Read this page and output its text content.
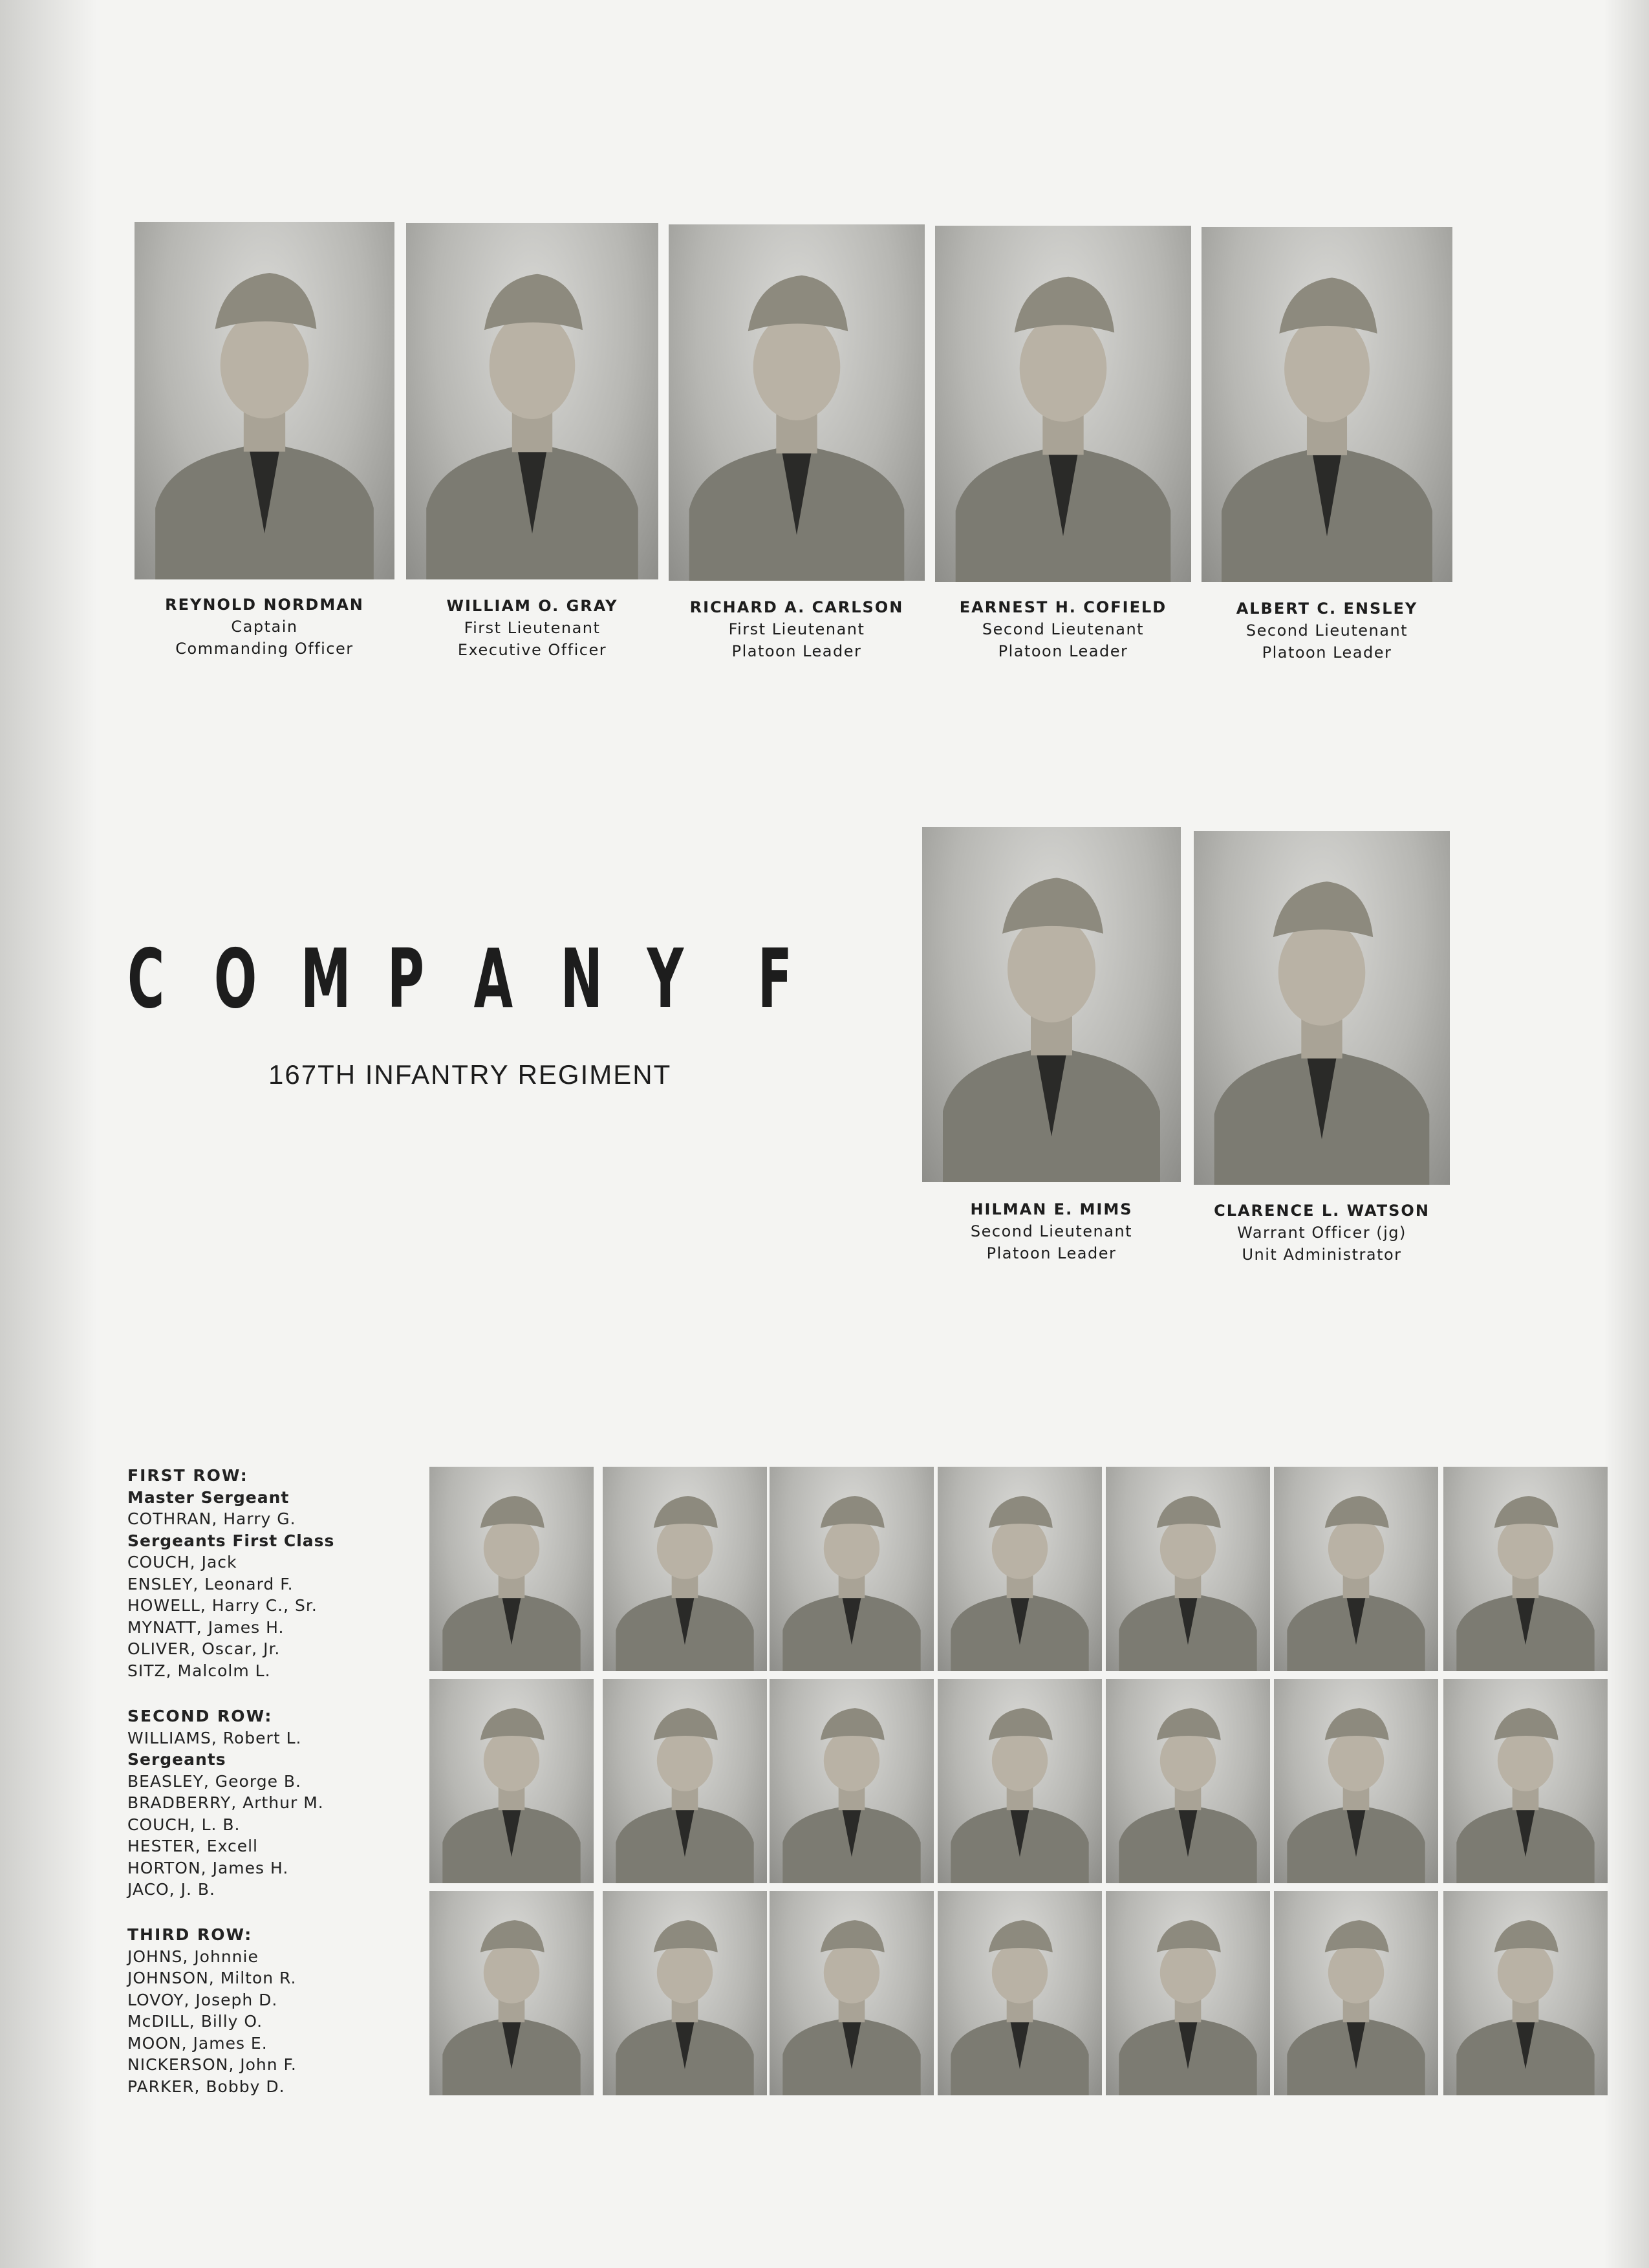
REYNOLD NORDMAN
Captain
Commanding Officer
WILLIAM O. GRAY
First Lieutenant
Executive Officer
RICHARD A. CARLSON
First Lieutenant
Platoon Leader
EARNEST H. COFIELD
Second Lieutenant
Platoon Leader
ALBERT C. ENSLEY
Second Lieutenant
Platoon Leader
C O M P A N Y F
167TH INFANTRY REGIMENT
HILMAN E. MIMS
Second Lieutenant
Platoon Leader
CLARENCE L. WATSON
Warrant Officer (jg)
Unit Administrator
FIRST ROW:
Master Sergeant
COTHRAN, Harry G.
Sergeants First Class
COUCH, Jack
ENSLEY, Leonard F.
HOWELL, Harry C., Sr.
MYNATT, James H.
OLIVER, Oscar, Jr.
SITZ, Malcolm L.
SECOND ROW:
WILLIAMS, Robert L.
Sergeants
BEASLEY, George B.
BRADBERRY, Arthur M.
COUCH, L. B.
HESTER, Excell
HORTON, James H.
JACO, J. B.
THIRD ROW:
JOHNS, Johnnie
JOHNSON, Milton R.
LOVOY, Joseph D.
McDILL, Billy O.
MOON, James E.
NICKERSON, John F.
PARKER, Bobby D.
